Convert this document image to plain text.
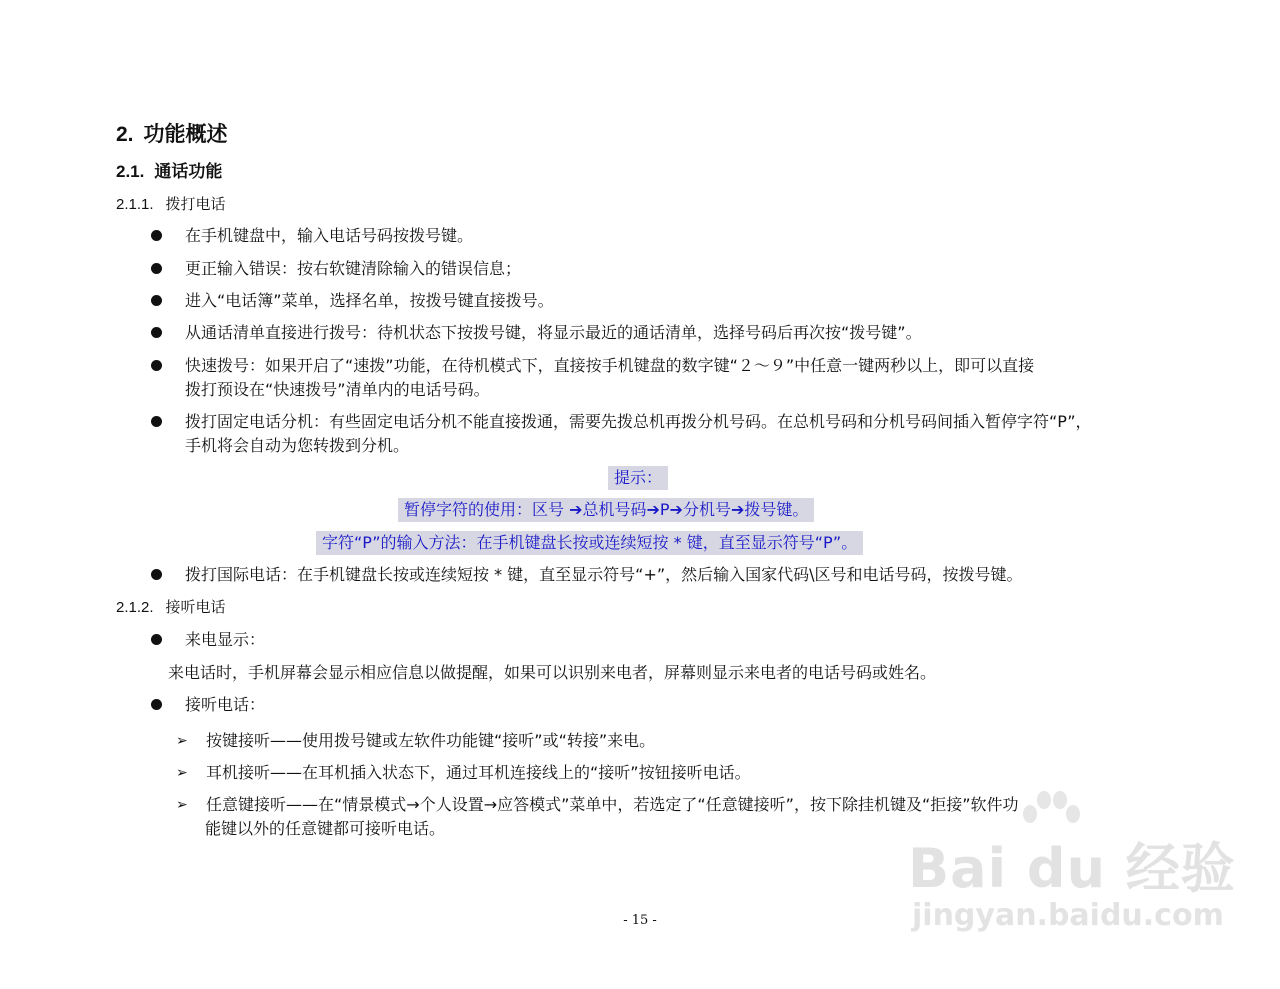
2. 功能概述
2.1. 通话功能
2.1.1. 拨打电话
在手机键盘中，输入电话号码按拨号键。
更正输入错误：按右软键清除输入的错误信息；
进入“电话簿”菜单，选择名单，按拨号键直接拨号。
从通话清单直接进行拨号：待机状态下按拨号键，将显示最近的通话清单，选择号码后再次按“拨号键”。
快速拨号：如果开启了“速拨”功能，在待机模式下，直接按手机键盘的数字键“２～９”中任意一键两秒以上，即可以直接
拨打预设在“快速拨号”清单内的电话号码。
拨打固定电话分机：有些固定电话分机不能直接拨通，需要先拨总机再拨分机号码。在总机号码和分机号码间插入暂停字符“P”，
手机将会自动为您转拨到分机。
提示：
暂停字符的使用：区号 ➔总机号码➔P➔分机号➔拨号键。
字符“P”的输入方法：在手机键盘长按或连续短按 * 键，直至显示符号“P”。
拨打国际电话：在手机键盘长按或连续短按 * 键，直至显示符号“+”，然后输入国家代码\区号和电话号码，按拨号键。
2.1.2. 接听电话
来电显示：
来电话时，手机屏幕会显示相应信息以做提醒，如果可以识别来电者，屏幕则显示来电者的电话号码或姓名。
接听电话：
➢ 按键接听——使用拨号键或左软件功能键“接听”或“转接”来电。
➢ 耳机接听——在耳机插入状态下，通过耳机连接线上的“接听”按钮接听电话。
➢ 任意键接听——在“情景模式→个人设置→应答模式”菜单中，若选定了“任意键接听”，按下除挂机键及“拒接”软件功
能键以外的任意键都可接听电话。
Bai du 经验
jingyan.baidu.com
- 15 -
